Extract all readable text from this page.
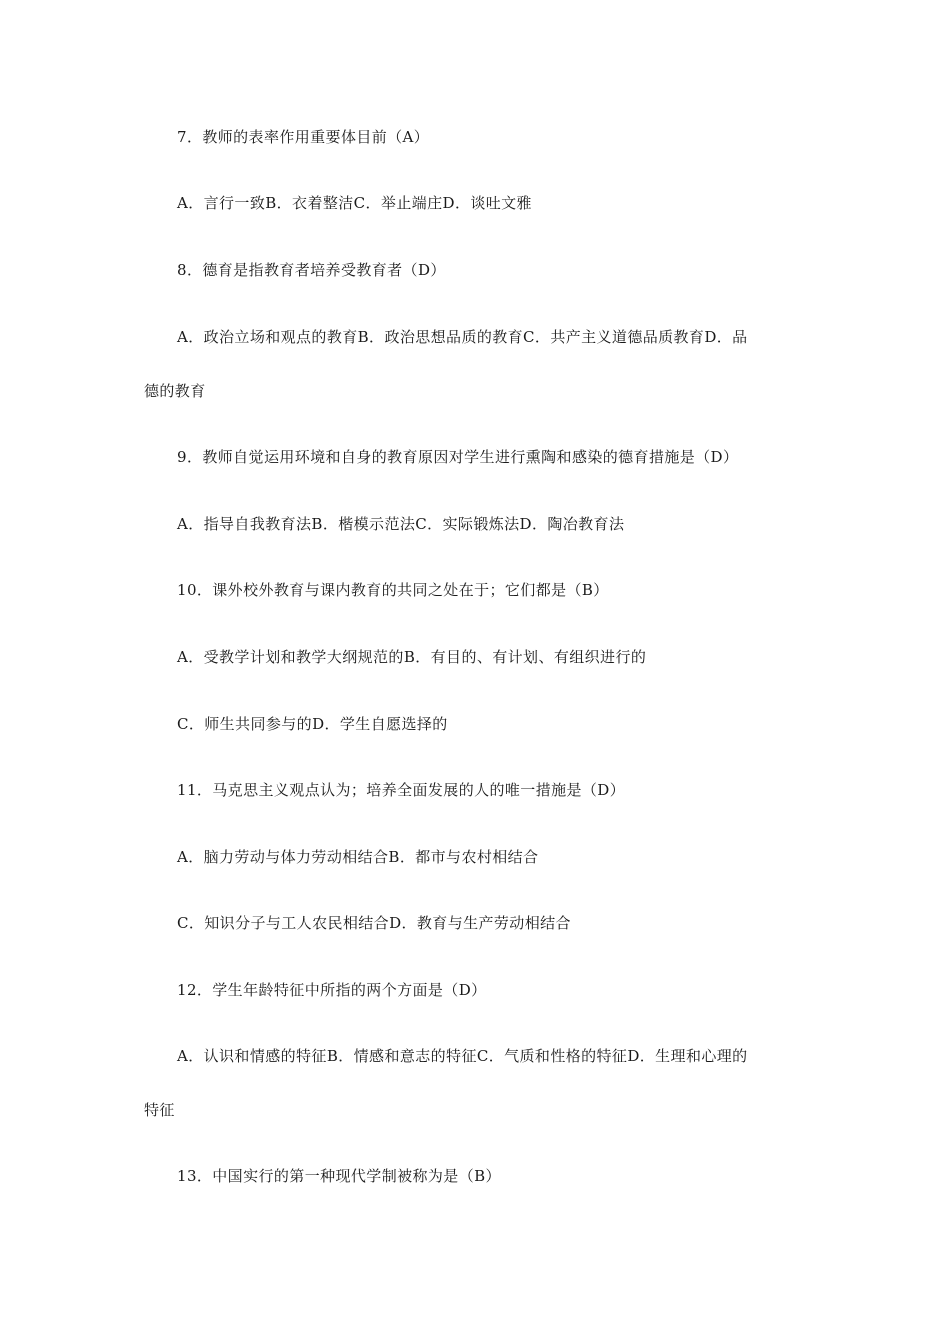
7．教师的表率作用重要体目前（A）
A．言行一致B．衣着整洁C．举止端庄D．谈吐文雅
8．德育是指教育者培养受教育者（D）
A．政治立场和观点的教育B．政治思想品质的教育C．共产主义道德品质教育D．品
德的教育
9．教师自觉运用环境和自身的教育原因对学生进行熏陶和感染的德育措施是（D）
A．指导自我教育法B．楷模示范法C．实际锻炼法D．陶冶教育法
10．课外校外教育与课内教育的共同之处在于；它们都是（B）
A．受教学计划和教学大纲规范的B．有目的、有计划、有组织进行的
C．师生共同参与的D．学生自愿选择的
11．马克思主义观点认为；培养全面发展的人的唯一措施是（D）
A．脑力劳动与体力劳动相结合B．都市与农村相结合
C．知识分子与工人农民相结合D．教育与生产劳动相结合
12．学生年龄特征中所指的两个方面是（D）
A．认识和情感的特征B．情感和意志的特征C．气质和性格的特征D．生理和心理的
特征
13．中国实行的第一种现代学制被称为是（B）
